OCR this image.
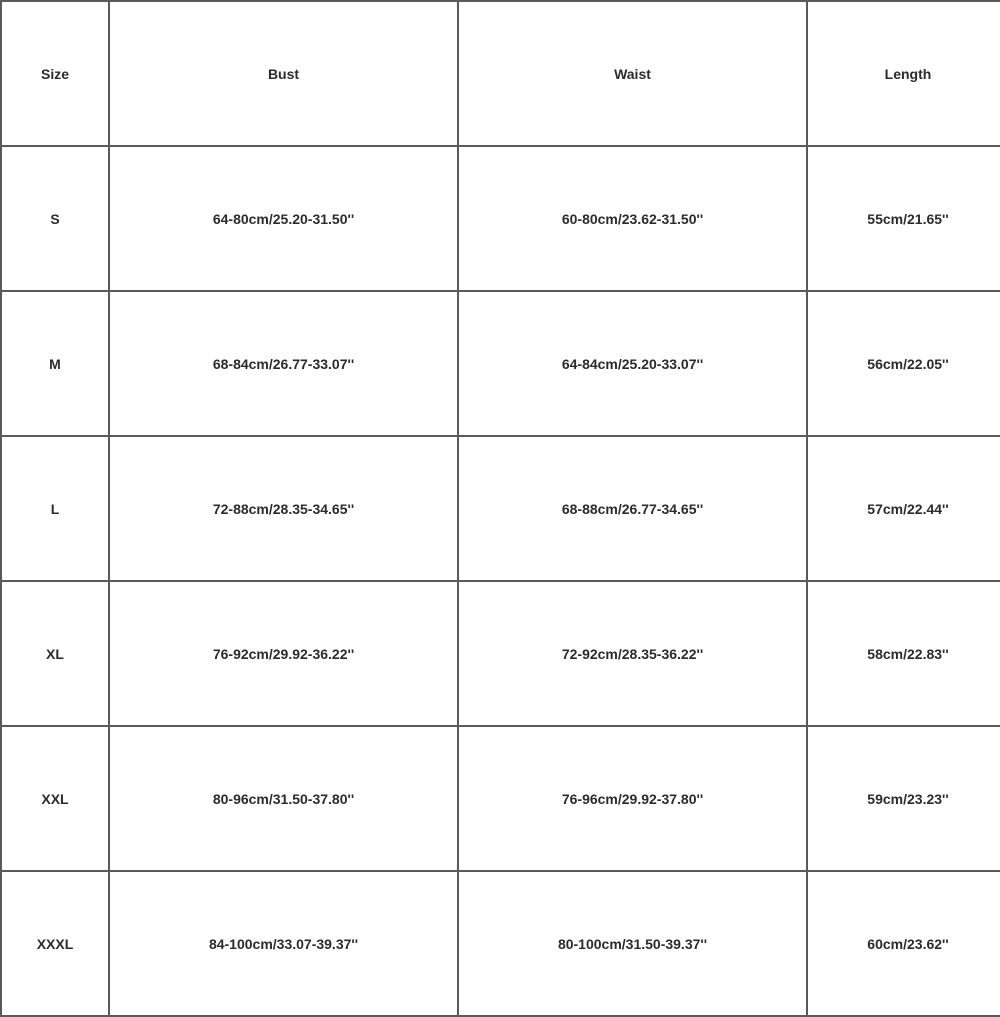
Size	Bust	Waist	Length
S	64-80cm/25.20-31.50''	60-80cm/23.62-31.50''	55cm/21.65''
M	68-84cm/26.77-33.07''	64-84cm/25.20-33.07''	56cm/22.05''
L	72-88cm/28.35-34.65''	68-88cm/26.77-34.65''	57cm/22.44''
XL	76-92cm/29.92-36.22''	72-92cm/28.35-36.22''	58cm/22.83''
XXL	80-96cm/31.50-37.80''	76-96cm/29.92-37.80''	59cm/23.23''
XXXL	84-100cm/33.07-39.37''	80-100cm/31.50-39.37''	60cm/23.62''
